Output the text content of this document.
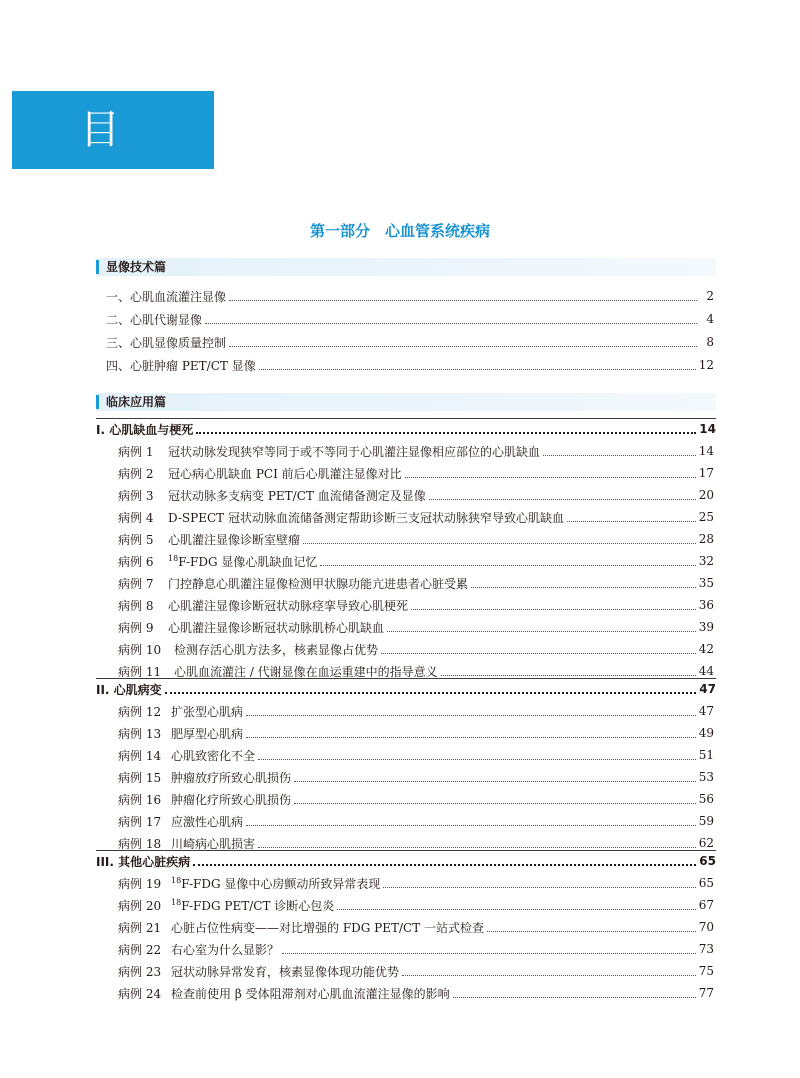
目　录	第一部分　心血管系统疾病
显像技术篇
一、心肌血流灌注显像	2
二、心肌代谢显像	4
三、心肌显像质量控制	8
四、心脏肿瘤 PET/CT 显像	12
临床应用篇
I. 心肌缺血与梗死	14
病例 1	冠状动脉发现狭窄等同于或不等同于心肌灌注显像相应部位的心肌缺血	14
病例 2	冠心病心肌缺血 PCI 前后心肌灌注显像对比	17
病例 3	冠状动脉多支病变 PET/CT 血流储备测定及显像	20
病例 4	D-SPECT 冠状动脉血流储备测定帮助诊断三支冠状动脉狭窄导致心肌缺血	25
病例 5	心肌灌注显像诊断室壁瘤	28
病例 6	$^{18}$F-FDG 显像心肌缺血记忆	32
病例 7	门控静息心肌灌注显像检测甲状腺功能亢进患者心脏受累	35
病例 8	心肌灌注显像诊断冠状动脉痉挛导致心肌梗死	36
病例 9	心肌灌注显像诊断冠状动脉肌桥心肌缺血	39
病例 10	检测存活心肌方法多，核素显像占优势	42
病例 11	心肌血流灌注 / 代谢显像在血运重建中的指导意义	44
II. 心肌病变	47
病例 12 扩张型心肌病	47
病例 13 肥厚型心肌病	49
病例 14 心肌致密化不全	51
病例 15 肿瘤放疗所致心肌损伤	53
病例 16 肿瘤化疗所致心肌损伤	56
病例 17 应激性心肌病	59
病例 18 川崎病心肌损害	62
III. 其他心脏疾病	65
病例 19	$^{18}$F-FDG 显像中心房颤动所致异常表现	65
病例 20	$^{18}$F-FDG PET/CT 诊断心包炎	67
病例 21 心脏占位性病变——对比增强的 FDG PET/CT 一站式检查	70
病例 22 右心室为什么显影？	73
病例 23 冠状动脉异常发育，核素显像体现功能优势	75
病例 24 检查前使用 β 受体阻滞剂对心肌血流灌注显像的影响	77
